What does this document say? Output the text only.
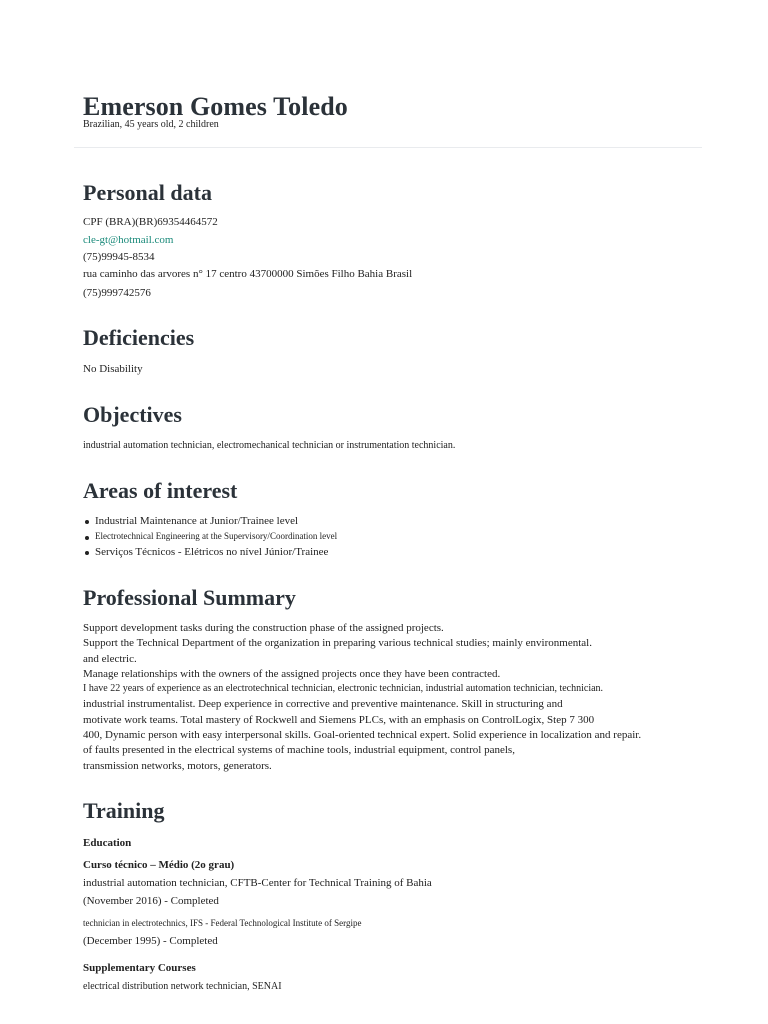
Emerson Gomes Toledo
Brazilian, 45 years old, 2 children
Personal data
CPF (BRA)(BR)69354464572
cle-gt@hotmail.com
(75)99945-8534
rua caminho das arvores n° 17 centro 43700000 Simões Filho Bahia Brasil
(75)999742576
Deficiencies
No Disability
Objectives
industrial automation technician, electromechanical technician or instrumentation technician.
Areas of interest
Industrial Maintenance at Junior/Trainee level
Electrotechnical Engineering at the Supervisory/Coordination level
Serviços Técnicos - Elétricos no nível Júnior/Trainee
Professional Summary
Support development tasks during the construction phase of the assigned projects.
Support the Technical Department of the organization in preparing various technical studies; mainly environmental.
and electric.
Manage relationships with the owners of the assigned projects once they have been contracted.
I have 22 years of experience as an electrotechnical technician, electronic technician, industrial automation technician, technician.
industrial instrumentalist. Deep experience in corrective and preventive maintenance. Skill in structuring and
motivate work teams. Total mastery of Rockwell and Siemens PLCs, with an emphasis on ControlLogix, Step 7 300
400, Dynamic person with easy interpersonal skills. Goal-oriented technical expert. Solid experience in localization and repair.
of faults presented in the electrical systems of machine tools, industrial equipment, control panels,
transmission networks, motors, generators.
Training
Education
Curso técnico – Médio (2o grau)
industrial automation technician, CFTB-Center for Technical Training of Bahia
(November 2016) - Completed
technician in electrotechnics, IFS - Federal Technological Institute of Sergipe
(December 1995) - Completed
Supplementary Courses
electrical distribution network technician, SENAI
